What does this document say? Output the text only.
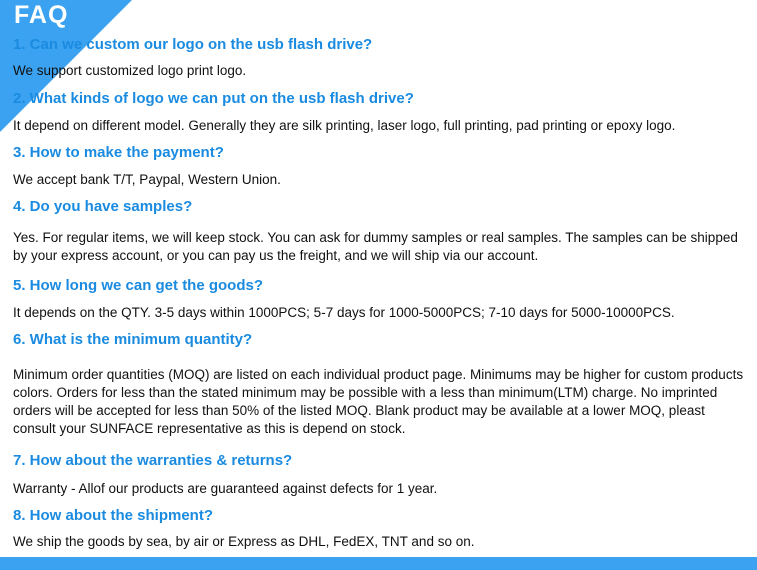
FAQ
1. Can we custom our logo on the usb flash drive?
We support customized logo print logo.
2. What kinds of logo we can put on the usb flash drive?
It depend on different model. Generally they are silk printing, laser logo, full printing, pad printing or epoxy logo.
3. How to make the payment?
We accept bank T/T, Paypal, Western Union.
4. Do you have samples?
Yes. For regular items, we will keep stock. You can ask for dummy samples or real samples. The samples can be shipped by your express account, or you can pay us the freight, and we will ship via our account.
5. How long we can get the goods?
It depends on the QTY. 3-5 days within 1000PCS; 5-7 days for 1000-5000PCS; 7-10 days for 5000-10000PCS.
6. What is the minimum quantity?
Minimum order quantities (MOQ) are listed on each individual product page. Minimums may be higher for custom products colors. Orders for less than the stated minimum may be possible with a less than minimum(LTM) charge. No imprinted orders will be accepted for less than 50% of the listed MOQ. Blank product may be available at a lower MOQ, pleast consult your SUNFACE representative as this is depend on stock.
7. How about the warranties & returns?
Warranty - Allof our products are guaranteed against defects for 1 year.
8. How about the shipment?
We ship the goods by sea, by air or Express as DHL, FedEX, TNT and so on.
